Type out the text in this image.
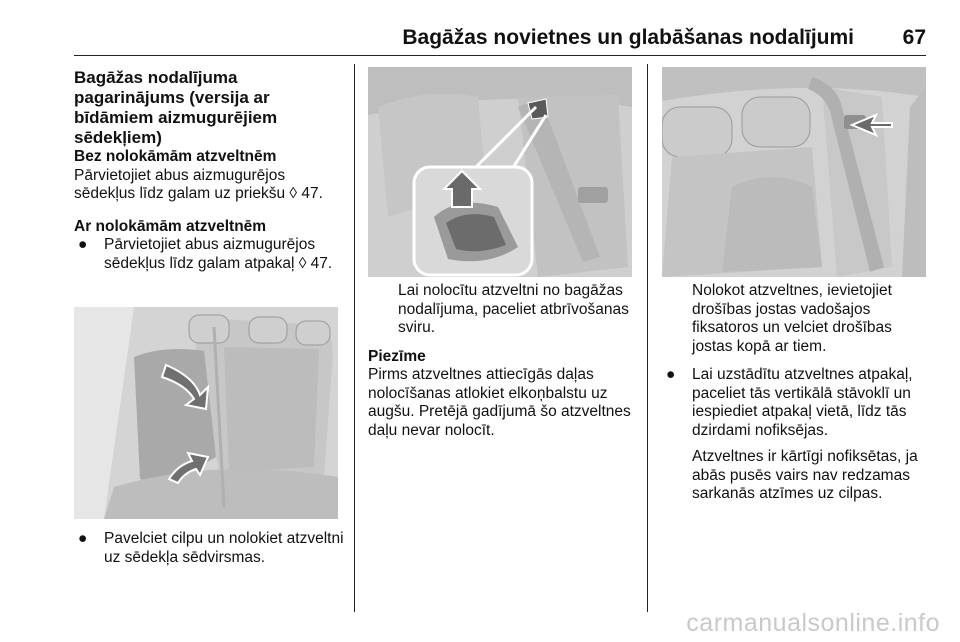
Bagāžas novietnes un glabāšanas nodalījumi 67

Bagāžas nodalījuma pagarinājums (versija ar bīdāmiem aizmugurējiem sēdekļiem)

Bez nolokāmām atzveltnēm

Pārvietojiet abus aizmugurējos sēdekļus līdz galam uz priekšu ◊ 47.

Ar nolokāmām atzveltnēm

● Pārvietojiet abus aizmugurējos sēdekļus līdz galam atpakaļ ◊ 47.
● Pavelciet cilpu un nolokiet atzveltni uz sēdekļa sēdvirsmas.

Lai nolocītu atzveltni no bagāžas nodalījuma, paceliet atbrīvošanas sviru.

Piezīme

Pirms atzveltnes attiecīgās daļas nolocīšanas atlokiet elkoņbalstu uz augšu. Pretējā gadījumā šo atzveltnes daļu nevar nolocīt.

Nolokot atzveltnes, ievietojiet drošības jostas vadošajos fiksatoros un velciet drošības jostas kopā ar tiem.

● Lai uzstādītu atzveltnes atpakaļ, paceliet tās vertikālā stāvoklī un iespiediet atpakaļ vietā, līdz tās dzirdami nofiksējas.

Atzveltnes ir kārtīgi nofiksētas, ja abās pusēs vairs nav redzamas sarkanās atzīmes uz cilpas.

carmanualsonline.info
